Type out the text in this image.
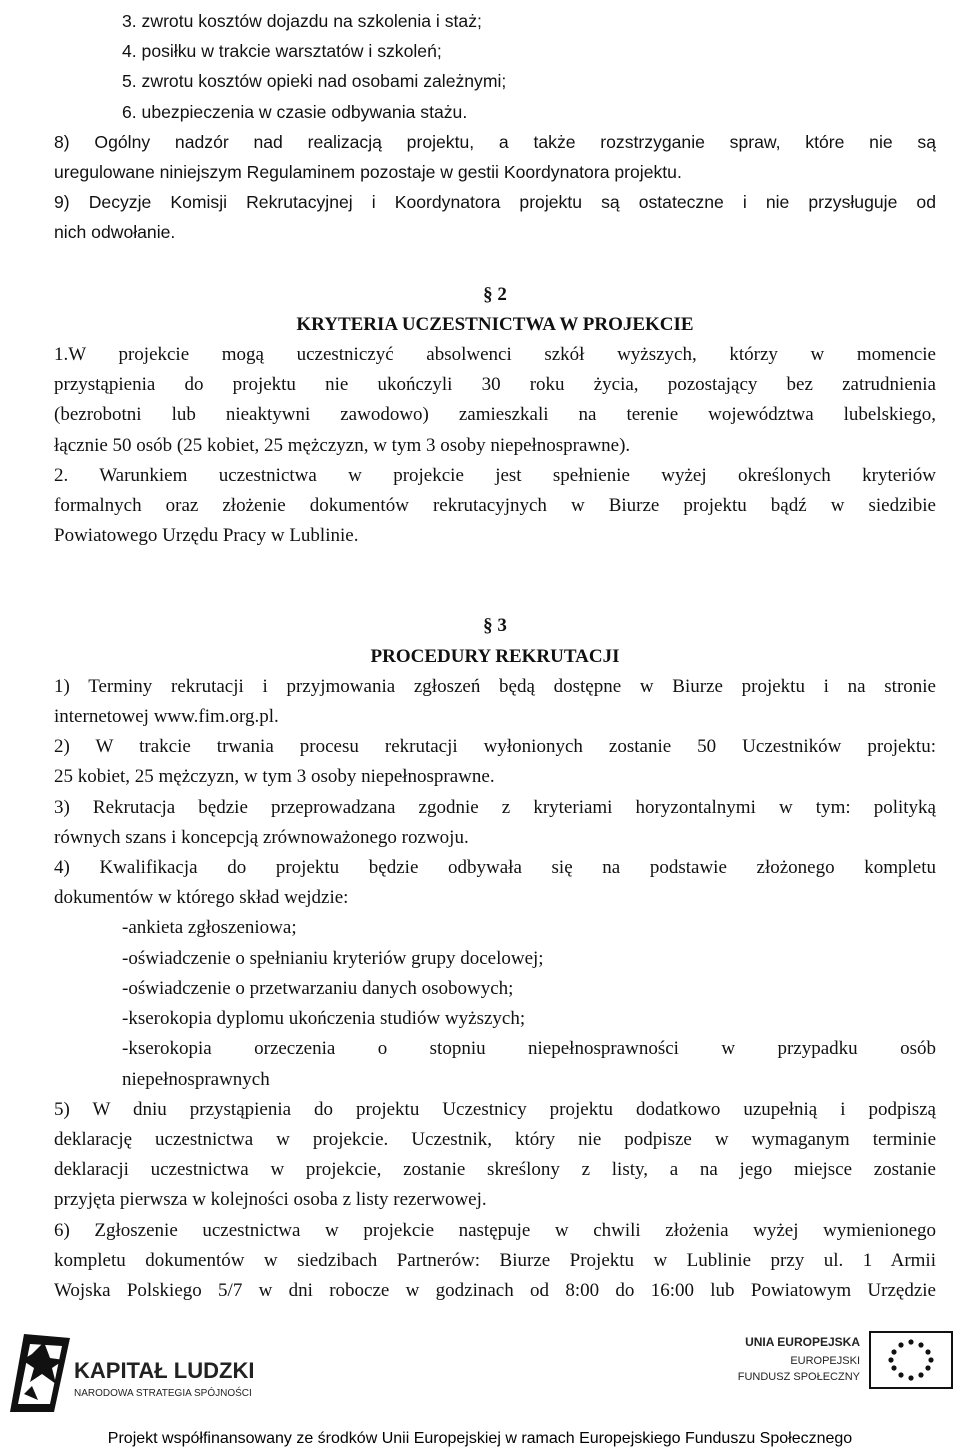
3. zwrotu kosztów dojazdu na szkolenia i staż;
4. posiłku w trakcie warsztatów i szkoleń;
5. zwrotu kosztów opieki nad osobami zależnymi;
6. ubezpieczenia w czasie odbywania stażu.
8) Ogólny nadzór nad realizacją projektu, a także rozstrzyganie spraw, które nie są
uregulowane niniejszym Regulaminem pozostaje w gestii Koordynatora projektu.
9) Decyzje Komisji Rekrutacyjnej i Koordynatora projektu są ostateczne i nie przysługuje od
nich odwołanie.
§ 2
KRYTERIA UCZESTNICTWA W PROJEKCIE
1.W projekcie mogą uczestniczyć absolwenci szkół wyższych, którzy w momencie
przystąpienia do projektu nie ukończyli 30 roku życia, pozostający bez zatrudnienia
(bezrobotni lub nieaktywni zawodowo) zamieszkali na terenie województwa lubelskiego,
łącznie 50 osób (25 kobiet, 25 mężczyzn, w tym 3 osoby niepełnosprawne).
2. Warunkiem uczestnictwa w projekcie jest spełnienie wyżej określonych kryteriów
formalnych oraz złożenie dokumentów rekrutacyjnych w Biurze projektu bądź w siedzibie
Powiatowego Urzędu Pracy w Lublinie.
§ 3
PROCEDURY REKRUTACJI
1) Terminy rekrutacji i przyjmowania zgłoszeń będą dostępne w Biurze projektu i na stronie
internetowej www.fim.org.pl.
2) W trakcie trwania procesu rekrutacji wyłonionych zostanie 50 Uczestników projektu:
25 kobiet, 25 mężczyzn, w tym 3 osoby niepełnosprawne.
3) Rekrutacja będzie przeprowadzana zgodnie z kryteriami horyzontalnymi w tym: polityką
równych szans i koncepcją zrównoważonego rozwoju.
4) Kwalifikacja do projektu będzie odbywała się na podstawie złożonego kompletu
dokumentów w którego skład wejdzie:
-ankieta zgłoszeniowa;
-oświadczenie o spełnianiu kryteriów grupy docelowej;
-oświadczenie o przetwarzaniu danych osobowych;
-kserokopia dyplomu ukończenia studiów wyższych;
-kserokopia orzeczenia o stopniu niepełnosprawności w przypadku osób
niepełnosprawnych
5) W dniu przystąpienia do projektu Uczestnicy projektu dodatkowo uzupełnią i podpiszą
deklarację uczestnictwa w projekcie. Uczestnik, który nie podpisze w wymaganym terminie
deklaracji uczestnictwa w projekcie, zostanie skreślony z listy, a na jego miejsce zostanie
przyjęta pierwsza w kolejności osoba z listy rezerwowej.
6) Zgłoszenie uczestnictwa w projekcie następuje w chwili złożenia wyżej wymienionego
kompletu dokumentów w siedzibach Partnerów: Biurze Projektu w Lublinie przy ul. 1 Armii
Wojska Polskiego 5/7 w dni robocze w godzinach od 8:00 do 16:00 lub Powiatowym Urzędzie
KAPITAŁ LUDZKI
NARODOWA STRATEGIA SPÓJNOŚCI
UNIA EUROPEJSKA
EUROPEJSKI
FUNDUSZ SPOŁECZNY
Projekt współfinansowany ze środków Unii Europejskiej w ramach Europejskiego Funduszu Społecznego
